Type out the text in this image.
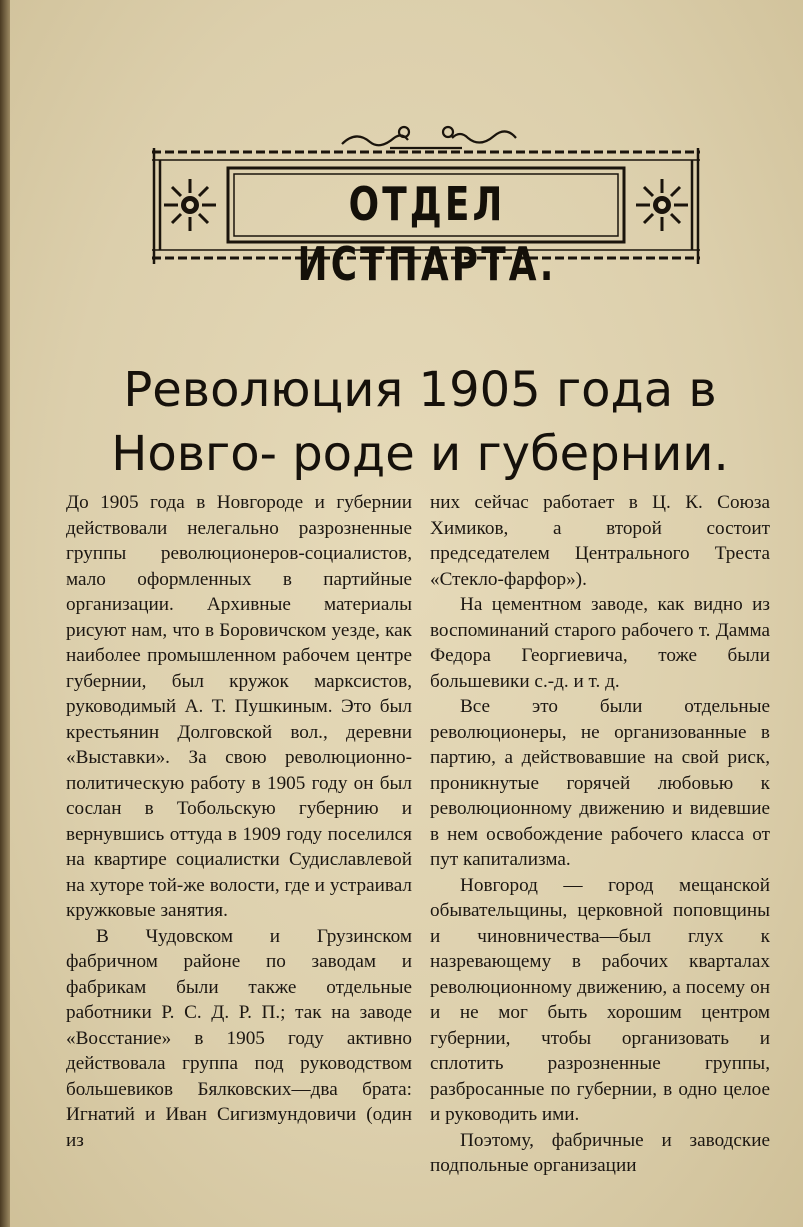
ОТДЕЛ ИСТПАРТА.
Революция 1905 года в Новго- роде и губернии.

До 1905 года в Новгороде и губернии действовали нелегально разрозненные группы революционеров-социалистов, мало оформленных в партийные организации. Архивные материалы рисуют нам, что в Боровичском уезде, как наиболее промышленном рабочем центре губернии, был кружок марксистов, руководимый А. Т. Пушкиным. Это был крестьянин Долговской вол., деревни «Выставки». За свою революционно-политическую работу в 1905 году он был сослан в Тобольскую губернию и вернувшись оттуда в 1909 году поселился на квартире социалистки Судиславлевой на хуторе той-же волости, где и устраивал кружковые занятия.

В Чудовском и Грузинском фабричном районе по заводам и фабрикам были также отдельные работники Р. С. Д. Р. П.; так на заводе «Восстание» в 1905 году активно действовала группа под руководством большевиков Бялковских—два брата: Игнатий и Иван Сигизмундовичи (один из

них сейчас работает в Ц. К. Союза Химиков, а второй состоит председателем Центрального Треста «Стекло-фарфор»).

На цементном заводе, как видно из воспоминаний старого рабочего т. Дамма Федора Георгиевича, тоже были большевики с.-д. и т. д.

Все это были отдельные революционеры, не организованные в партию, а действовавшие на свой риск, проникнутые горячей любовью к революционному движению и видевшие в нем освобождение рабочего класса от пут капитализма.

Новгород — город мещанской обывательщины, церковной поповщины и чиновничества—был глух к назревающему в рабочих кварталах революционному движению, а посему он и не мог быть хорошим центром губернии, чтобы организовать и сплотить разрозненные группы, разбросанные по губернии, в одно целое и руководить ими.

Поэтому, фабричные и заводские подпольные организации
